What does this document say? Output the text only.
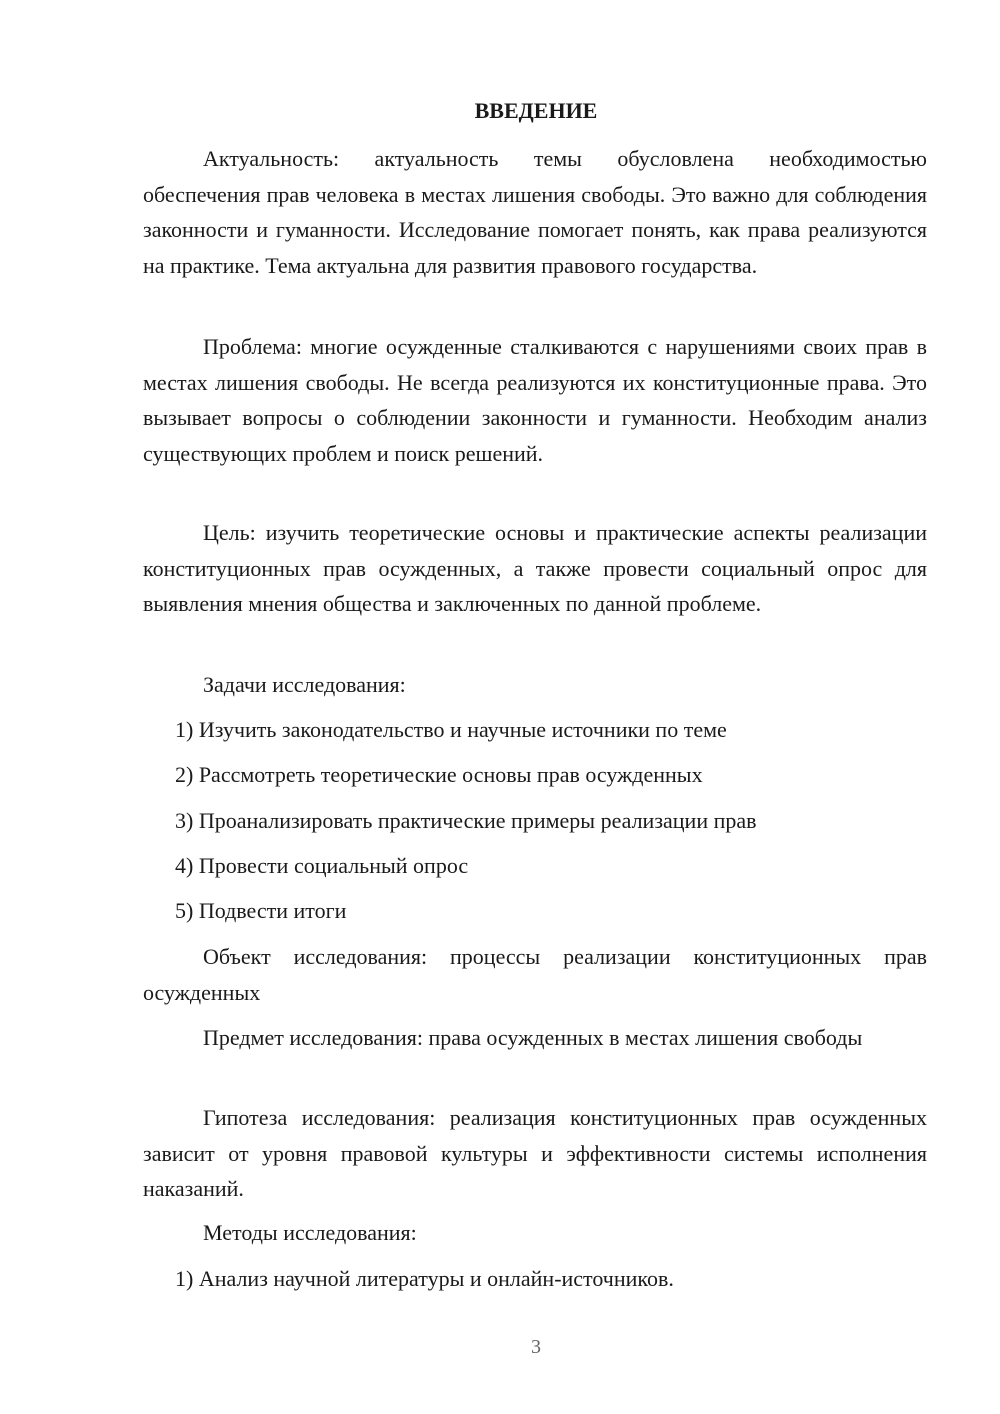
ВВЕДЕНИЕ
Актуальность: актуальность темы обусловлена необходимостью обеспечения прав человека в местах лишения свободы. Это важно для соблюдения законности и гуманности. Исследование помогает понять, как права реализуются на практике. Тема актуальна для развития правового государства.
Проблема: многие осужденные сталкиваются с нарушениями своих прав в местах лишения свободы. Не всегда реализуются их конституционные права. Это вызывает вопросы о соблюдении законности и гуманности. Необходим анализ существующих проблем и поиск решений.
Цель: изучить теоретические основы и практические аспекты реализации конституционных прав осужденных, а также провести социальный опрос для выявления мнения общества и заключенных по данной проблеме.
Задачи исследования:
1) Изучить законодательство и научные источники по теме
2) Рассмотреть теоретические основы прав осужденных
3) Проанализировать практические примеры реализации прав
4) Провести социальный опрос
5) Подвести итоги
Объект исследования: процессы реализации конституционных прав осужденных
Предмет исследования: права осужденных в местах лишения свободы
Гипотеза исследования: реализация конституционных прав осужденных зависит от уровня правовой культуры и эффективности системы исполнения наказаний.
Методы исследования:
1) Анализ научной литературы и онлайн-источников.
3
